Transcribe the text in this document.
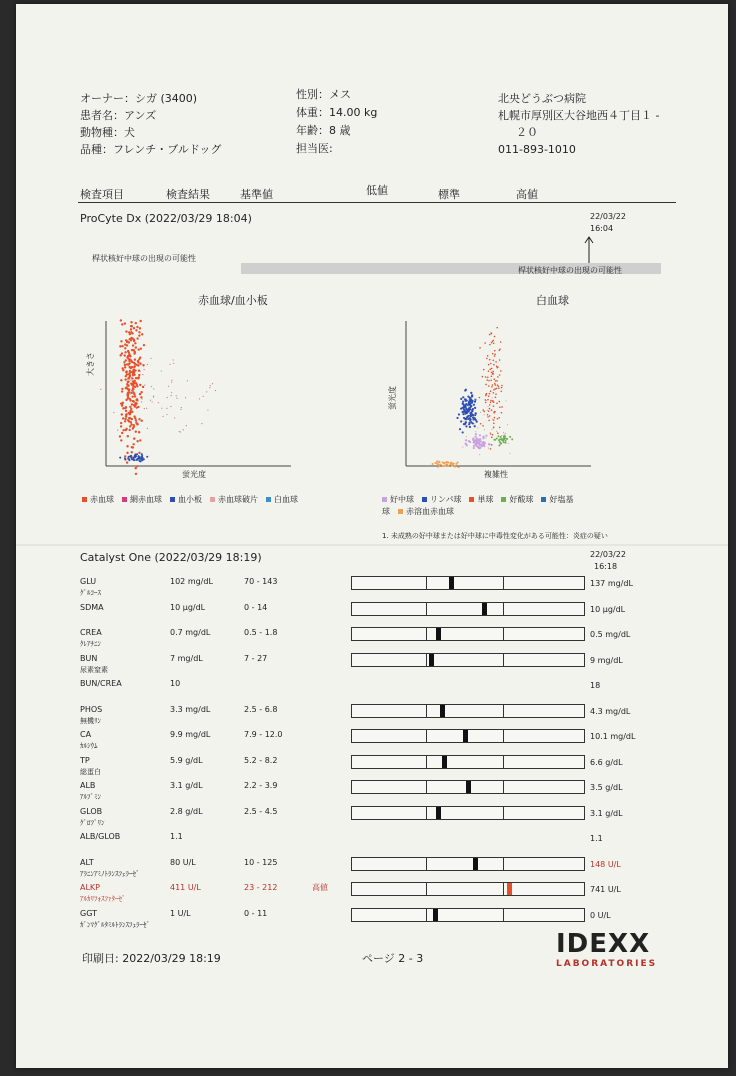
オーナー：シガ (3400)
患者名：アンズ
動物種：犬
品種：フレンチ・ブルドッグ
性別：メス
体重：14.00 kg
年齢：8 歳
担当医:
北央どうぶつ病院
札幌市厚別区大谷地西４丁目１ -
２０
011-893-1010
検査項目	検査結果	基準値	低値	標準	高値
ProCyte Dx (2022/03/29 18:04)	22/03/22
16:04
桿状核好中球の出現の可能性
桿状核好中球の出現の可能性
赤血球/血小板
大きさ
蛍光度
白血球
蛍光度
複雑性
赤血球 網赤血球 血小板 赤血球破片 白血球	好中球 リンパ球 単球 好酸球 好塩基球 赤溶血赤血球
1. 未成熟の好中球または好中球に中毒性変化がある可能性：炎症の疑い
Catalyst One (2022/03/29 18:19)	22/03/22
16:18
GLU
ｸﾞﾙｺｰｽ
102 mg/dL	70 - 143	137 mg/dL
SDMA	10 μg/dL	0 - 14	10 μg/dL
CREA
ｸﾚｱﾁﾆﾝ
0.7 mg/dL	0.5 - 1.8	0.5 mg/dL
BUN
尿素窒素
7 mg/dL	7 - 27	9 mg/dL
BUN/CREA	10	18
PHOS
無機ﾘﾝ
3.3 mg/dL	2.5 - 6.8	4.3 mg/dL
CA
ｶﾙｼｳﾑ
9.9 mg/dL	7.9 - 12.0	10.1 mg/dL
TP
総蛋白
5.9 g/dL	5.2 - 8.2	6.6 g/dL
ALB
ｱﾙﾌﾞﾐﾝ
3.1 g/dL	2.2 - 3.9	3.5 g/dL
GLOB
ｸﾞﾛﾌﾞﾘﾝ
2.8 g/dL	2.5 - 4.5	3.1 g/dL
ALB/GLOB	1.1	1.1
ALT
ｱﾗﾆﾝｱﾐﾉﾄﾗﾝｽﾌｪﾗｰｾﾞ
80 U/L	10 - 125	148 U/L
ALKP
ｱﾙｶﾘﾌｫｽﾌｧﾀｰｾﾞ
411 U/L	23 - 212	高値	741 U/L
GGT
ｶﾞﾝﾏｸﾞﾙﾀﾐﾙﾄﾗﾝｽﾌｪﾗｰｾﾞ
1 U/L	0 - 11	0 U/L
印刷日: 2022/03/29 18:19	ページ 2 - 3	IDEXX
LABORATORIES
